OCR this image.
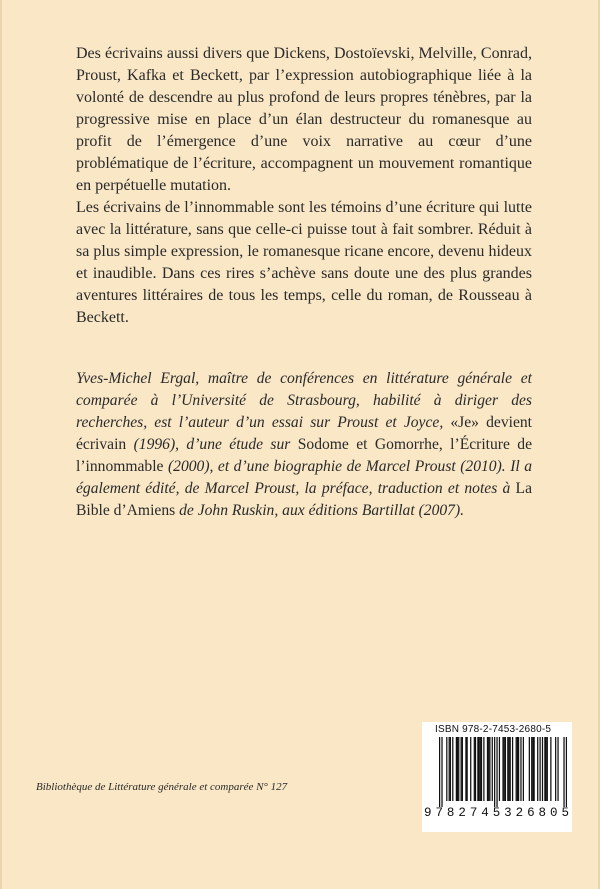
Des écrivains aussi divers que Dickens, Dostoïevski, Melville, Conrad, Proust, Kafka et Beckett, par l’expression autobiographique liée à la volonté de descendre au plus profond de leurs propres ténèbres, par la progressive mise en place d’un élan destructeur du romanesque au profit de l’émergence d’une voix narrative au cœur d’une problématique de l’écriture, accompagnent un mouvement romantique en perpétuelle mutation.

Les écrivains de l’innommable sont les témoins d’une écriture qui lutte avec la littérature, sans que celle-ci puisse tout à fait sombrer. Réduit à sa plus simple expression, le romanesque ricane encore, devenu hideux et inaudible. Dans ces rires s’achève sans doute une des plus grandes aventures littéraires de tous les temps, celle du roman, de Rousseau à Beckett.

Yves-Michel Ergal, maître de conférences en littérature générale et comparée à l’Université de Strasbourg, habilité à diriger des recherches, est l’auteur d’un essai sur Proust et Joyce, «Je» devient écrivain (1996), d’une étude sur Sodome et Gomorrhe, l’Écriture de l’innommable (2000), et d’une biographie de Marcel Proust (2010). Il a également édité, de Marcel Proust, la préface, traduction et notes à La Bible d’Amiens de John Ruskin, aux éditions Bartillat (2007).

Bibliothèque de Littérature générale et comparée N° 127

ISBN 978-2-7453-2680-5
9 7 8 2 7 4 5 3 2 6 8 0 5
